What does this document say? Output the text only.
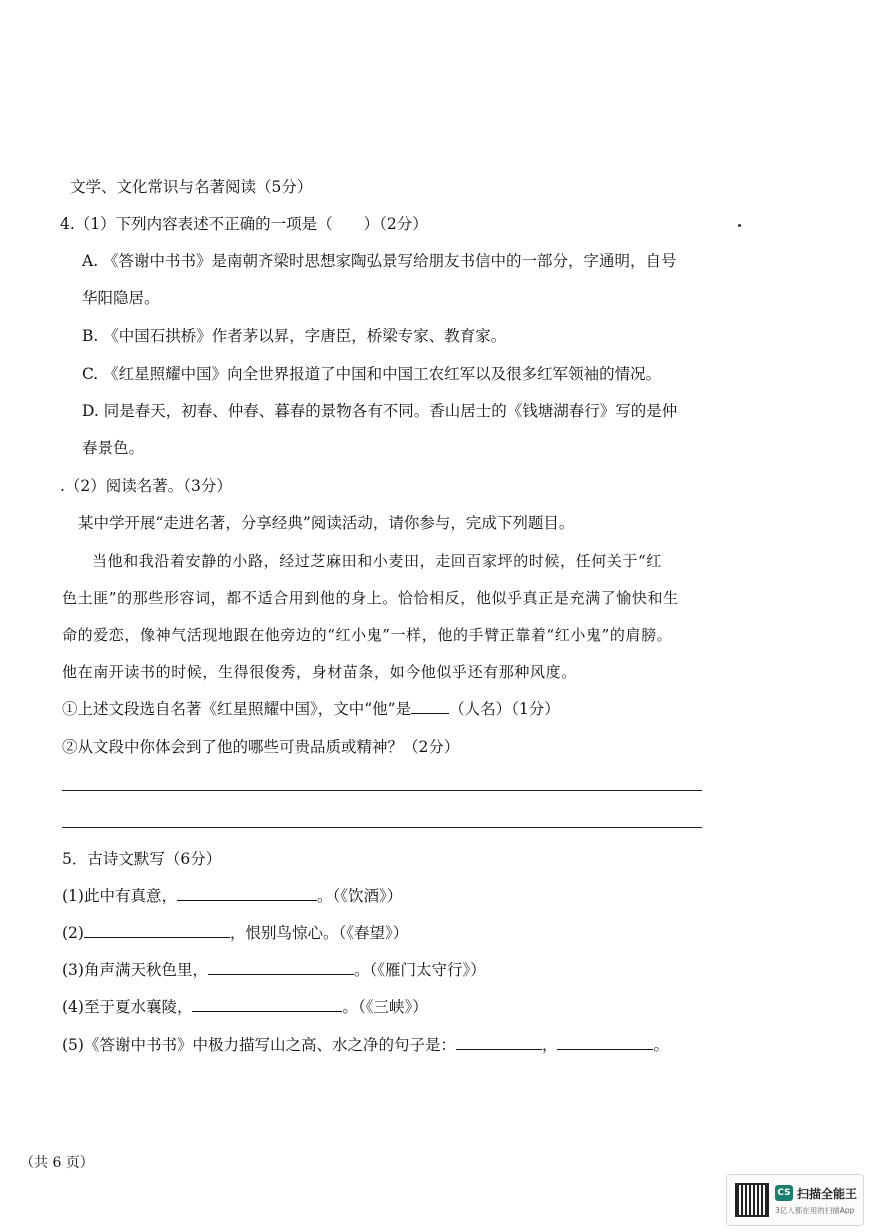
文学、文化常识与名著阅读（5分）
4.（1）下列内容表述不正确的一项是（　　）（2分）
A. 《答谢中书书》是南朝齐梁时思想家陶弘景写给朋友书信中的一部分，字通明，自号
华阳隐居。
B. 《中国石拱桥》作者茅以昇，字唐臣，桥梁专家、教育家。
C. 《红星照耀中国》向全世界报道了中国和中国工农红军以及很多红军领袖的情况。
D. 同是春天，初春、仲春、暮春的景物各有不同。香山居士的《钱塘湖春行》写的是仲
春景色。
.（2）阅读名著。（3分）
某中学开展“走进名著，分享经典”阅读活动，请你参与，完成下列题目。
当他和我沿着安静的小路，经过芝麻田和小麦田，走回百家坪的时候，任何关于“红
色土匪”的那些形容词，都不适合用到他的身上。恰恰相反，他似乎真正是充满了愉快和生
命的爱恋，像神气活现地跟在他旁边的“红小鬼”一样，他的手臂正靠着“红小鬼”的肩膀。
他在南开读书的时候，生得很俊秀，身材苗条，如今他似乎还有那种风度。
①上述文段选自名著《红星照耀中国》，文中“他”是 （人名）（1分）
②从文段中你体会到了他的哪些可贵品质或精神？（2分）
5．古诗文默写（6分）
(1)此中有真意，	。（《饮酒》）
(2)	，恨别鸟惊心。（《春望》）
(3)角声满天秋色里，	。（《雁门太守行》）
(4)至于夏水襄陵，	。（《三峡》）
(5)《答谢中书书》中极力描写山之高、水之净的句子是：	，	。
（共 6 页）
CS 扫描全能王
3亿人都在用的扫描App
